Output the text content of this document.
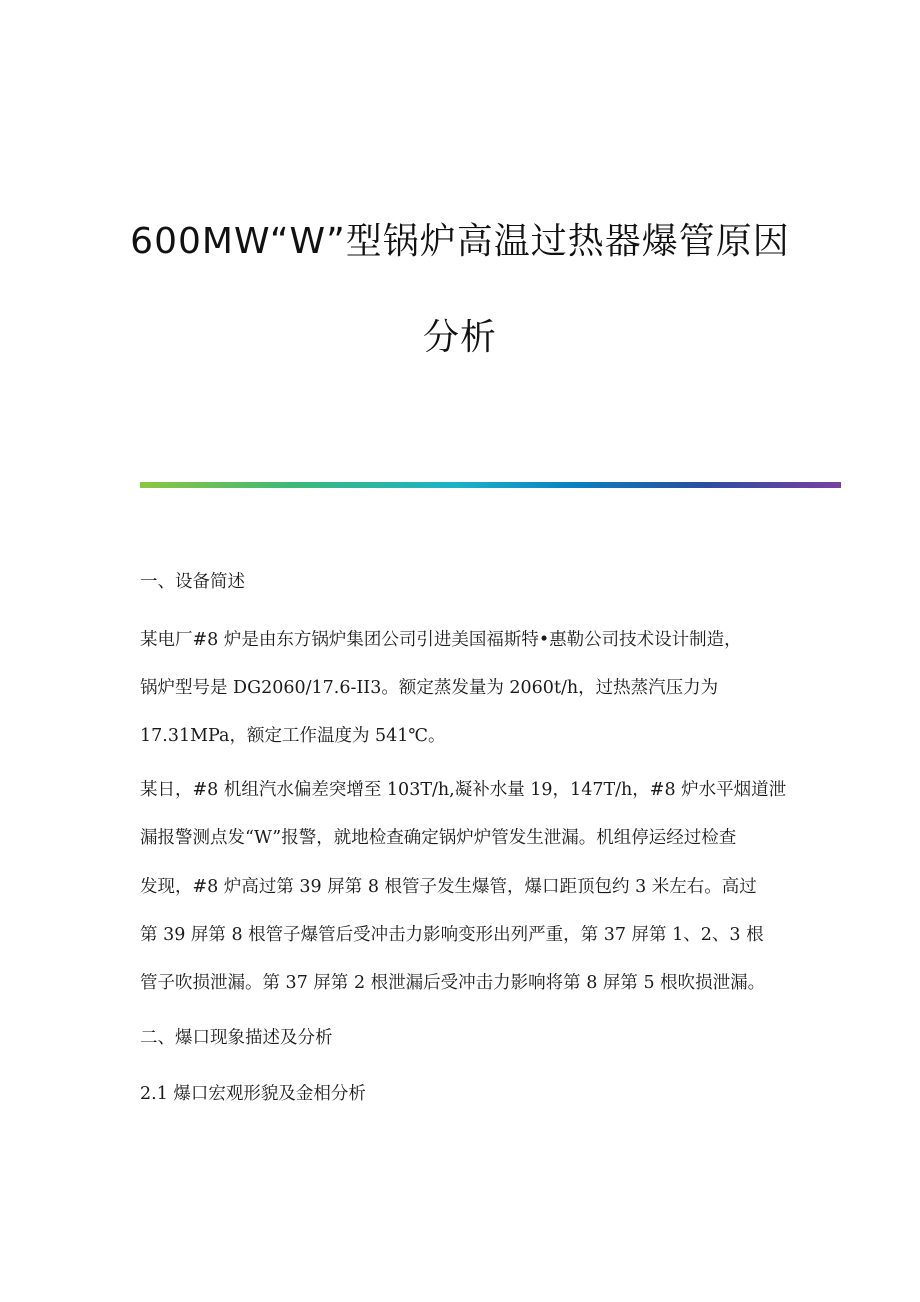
600MW“W”型锅炉高温过热器爆管原因
分析
一、设备简述
某电厂#8 炉是由东方锅炉集团公司引进美国福斯特•惠勒公司技术设计制造，
锅炉型号是 DG2060/17.6-II3。额定蒸发量为 2060t/h，过热蒸汽压力为
17.31MPa，额定工作温度为 541℃。
某日，#8 机组汽水偏差突增至 103T/h,凝补水量 19，147T/h，#8 炉水平烟道泄
漏报警测点发“W”报警，就地检查确定锅炉炉管发生泄漏。机组停运经过检查
发现，#8 炉高过第 39 屏第 8 根管子发生爆管，爆口距顶包约 3 米左右。高过
第 39 屏第 8 根管子爆管后受冲击力影响变形出列严重，第 37 屏第 1、2、3 根
管子吹损泄漏。第 37 屏第 2 根泄漏后受冲击力影响将第 8 屏第 5 根吹损泄漏。
二、爆口现象描述及分析
2.1 爆口宏观形貌及金相分析
